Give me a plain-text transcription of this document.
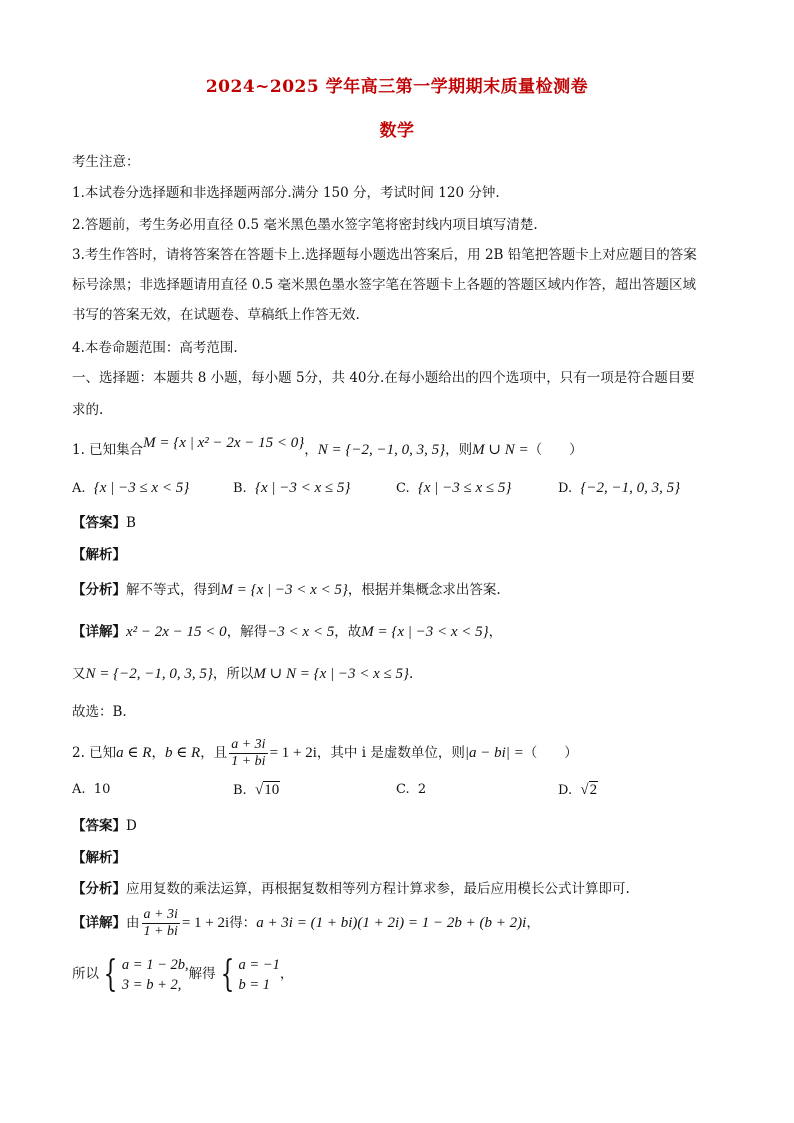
2024~2025 学年高三第一学期期末质量检测卷
数学
考生注意：
1.本试卷分选择题和非选择题两部分.满分 150 分，考试时间 120 分钟.
2.答题前，考生务必用直径 0.5 毫米黑色墨水签字笔将密封线内项目填写清楚.
3.考生作答时，请将答案答在答题卡上.选择题每小题选出答案后，用 2B 铅笔把答题卡上对应题目的答案
标号涂黑；非选择题请用直径 0.5 毫米黑色墨水签字笔在答题卡上各题的答题区域内作答，超出答题区域
书写的答案无效，在试题卷、草稿纸上作答无效.
4.本卷命题范围：高考范围.
一、选择题：本题共 8 小题，每小题 5分，共 40分.在每小题给出的四个选项中，只有一项是符合题目要
求的.
1. 已知集合M = {x | x² − 2x − 15 < 0}，N = {−2, −1, 0, 3, 5}，则M ∪ N =（　　）
A. {x | −3 ≤ x < 5}	B. {x | −3 < x ≤ 5}	C. {x | −3 ≤ x ≤ 5}	D. {−2, −1, 0, 3, 5}
【答案】B
【解析】
【分析】解不等式，得到M = {x | −3 < x < 5}，根据并集概念求出答案.
【详解】x² − 2x − 15 < 0，解得−3 < x < 5，故M = {x | −3 < x < 5}，
又N = {−2, −1, 0, 3, 5}，所以M ∪ N = {x | −3 < x ≤ 5}.
故选：B.
2. 已知a ∈ R，b ∈ R，且 $\frac{a + 3i}{1 + bi} = 1 + 2i$，其中 i 是虚数单位，则|a − bi| =（　　）
A. 10	B. √10	C. 2	D. √2
【答案】D
【解析】
【分析】应用复数的乘法运算，再根据复数相等列方程计算求参，最后应用模长公式计算即可.
【详解】由 $\frac{a + 3i}{1 + bi} = 1 + 2i$得：a + 3i = (1 + bi)(1 + 2i) = 1 − 2b + (b + 2)i，
所以 { a = 1 − 2b,
3 = b + 2,
解得 { a = −1
b = 1
，
